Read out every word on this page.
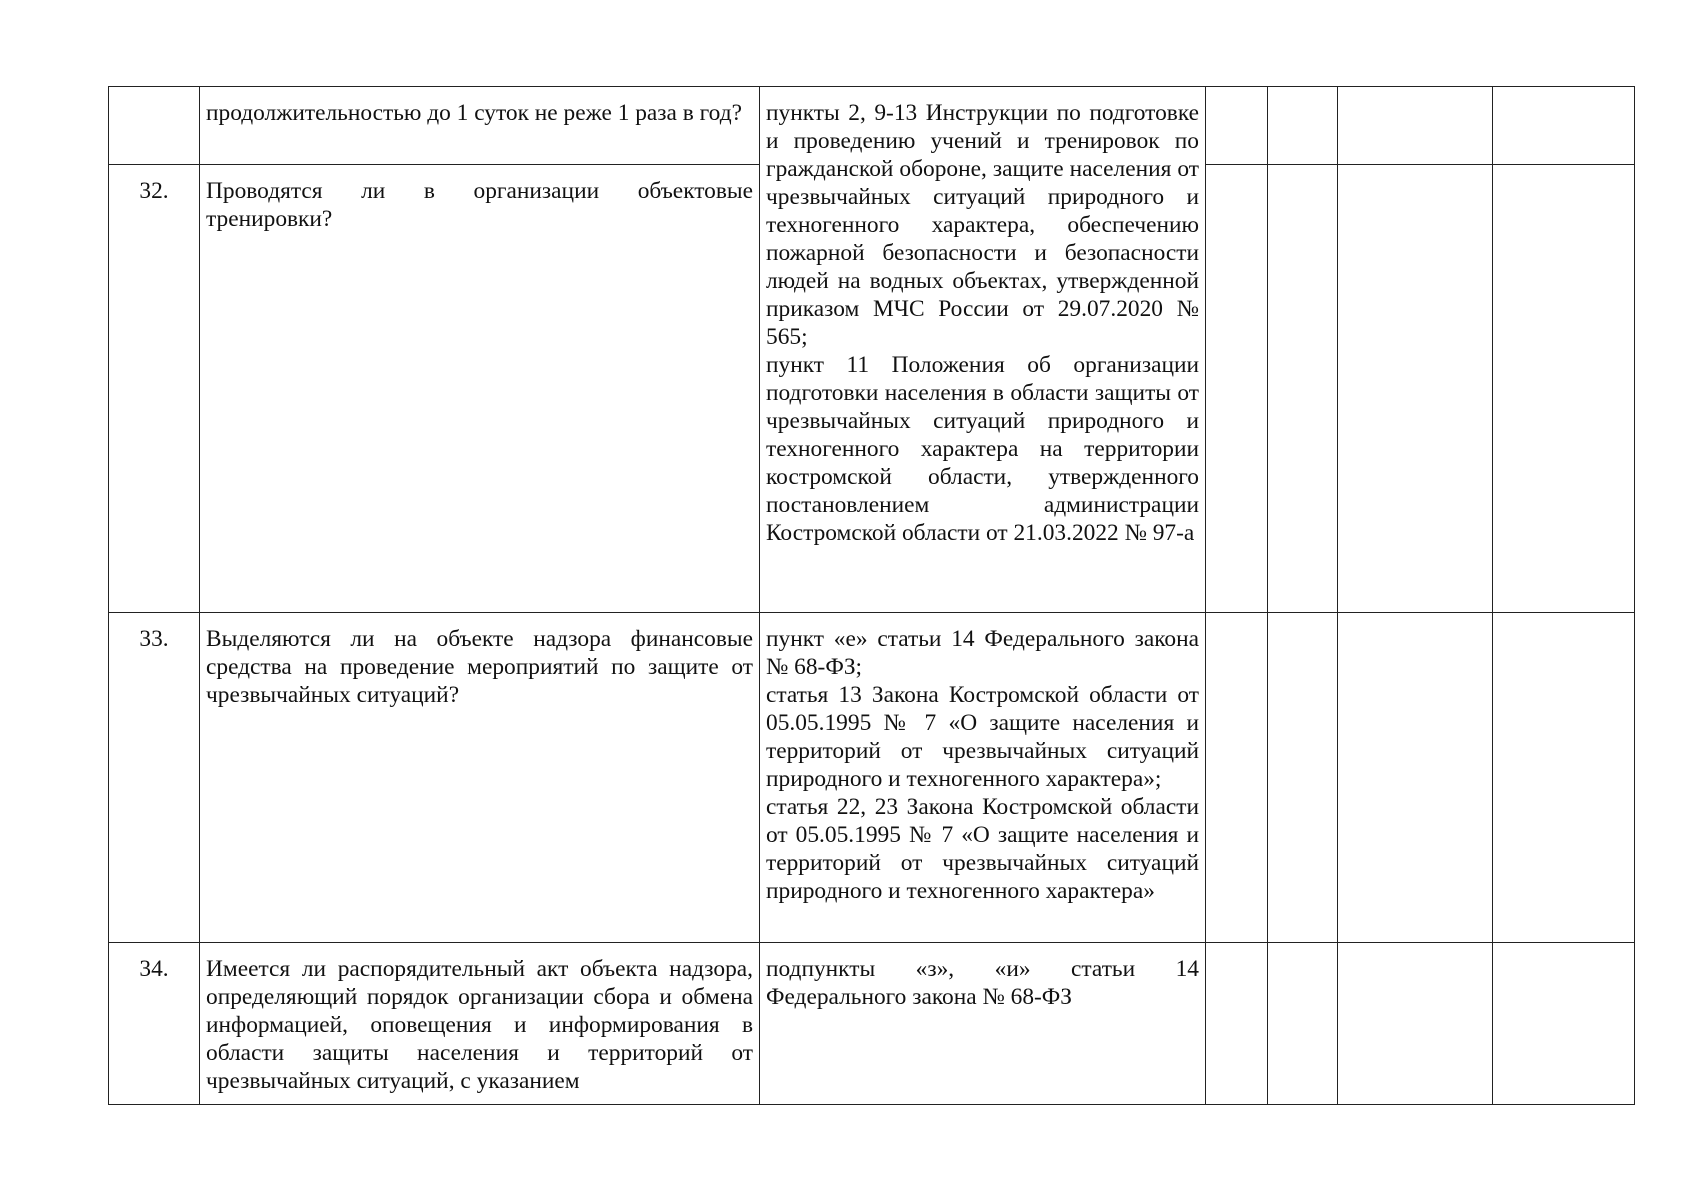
	продолжительностью до 1 суток не реже 1 раза в год?	пункты 2, 9-13 Инструкции по подготовке и проведению учений и тренировок по гражданской обороне, защите населения от чрезвычайных ситуаций природного и техногенного характера, обеспечению пожарной безопасности и безопасности людей на водных объектах, утвержденной приказом МЧС России от 29.07.2020 № 565;
пункт 11 Положения об организации подготовки населения в области защиты от чрезвычайных ситуаций природного и техногенного характера на территории костромской области, утвержденного постановлением администрации Костромской области от 21.03.2022 № 97-а				

32.	Проводятся ли в организации объектовые тренировки?					

33.	Выделяются ли на объекте надзора финансовые средства на проведение мероприятий по защите от чрезвычайных ситуаций?	пункт «е» статьи 14 Федерального закона № 68-ФЗ;
статья 13 Закона Костромской области от 05.05.1995 № 7 «О защите населения и территорий от чрезвычайных ситуаций природного и техногенного характера»;
статья 22, 23 Закона Костромской области от 05.05.1995 № 7 «О защите населения и территорий от чрезвычайных ситуаций природного и техногенного характера»				

34.	Имеется ли распорядительный акт объекта надзора, определяющий порядок организации сбора и обмена информацией, оповещения и информирования в области защиты населения и территорий от чрезвычайных ситуаций, с указанием	подпункты «з», «и» статьи 14 Федерального закона № 68-ФЗ				
